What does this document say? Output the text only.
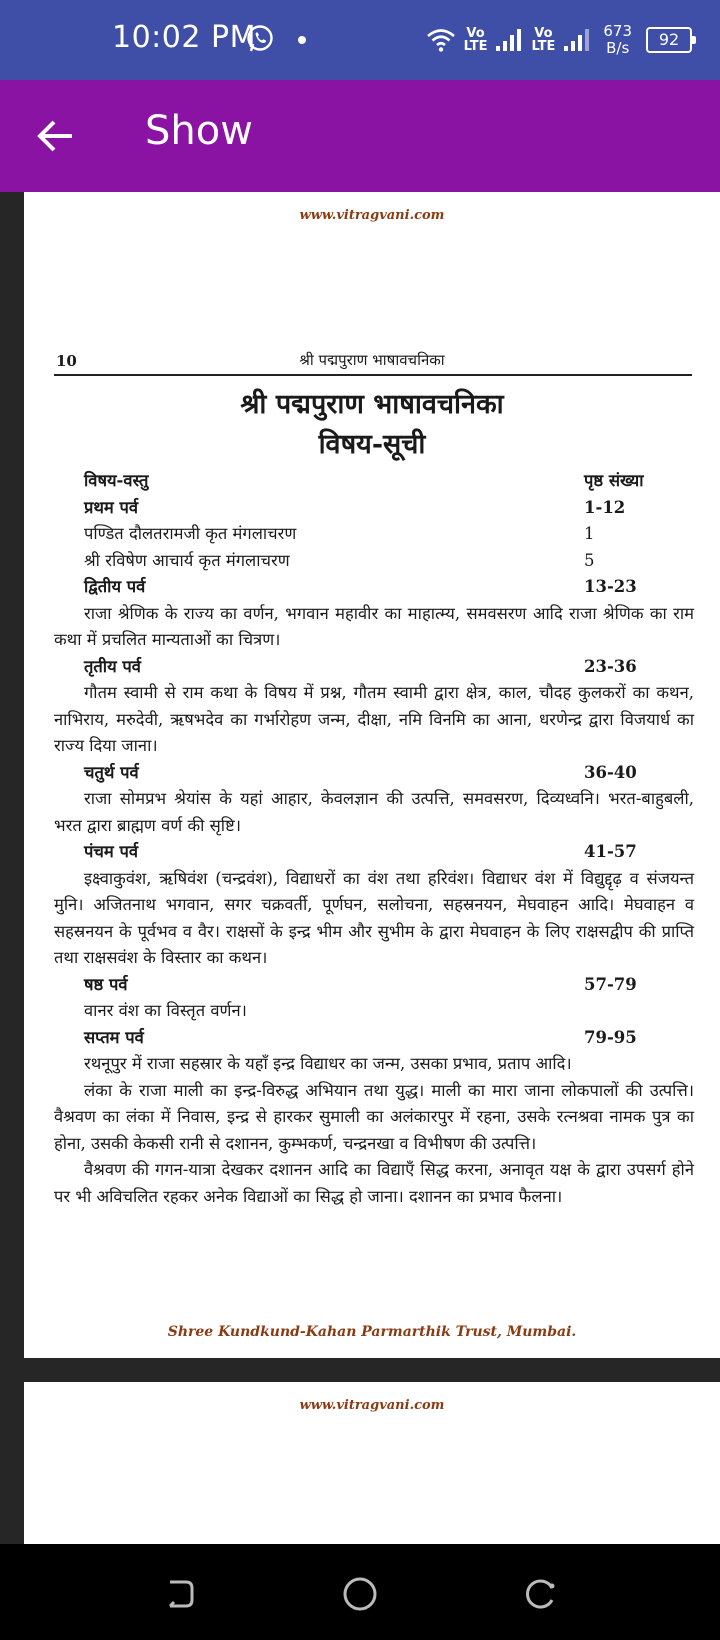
10:02 PM	Vo
LTE
Vo
LTE
673
B/s	92
Show
www.vitragvani.com
10	श्री पद्मपुराण भाषावचनिका
श्री पद्मपुराण भाषावचनिका
विषय-सूची
विषय-वस्तु	पृष्ठ संख्या
प्रथम पर्व	1-12
पण्डित दौलतरामजी कृत मंगलाचरण	1
श्री रविषेण आचार्य कृत मंगलाचरण	5
द्वितीय पर्व	13-23

राजा श्रेणिक के राज्य का वर्णन, भगवान महावीर का माहात्म्य, समवसरण आदि राजा श्रेणिक का राम कथा में प्रचलित मान्यताओं का चित्रण।

तृतीय पर्व	23-36

गौतम स्वामी से राम कथा के विषय में प्रश्न, गौतम स्वामी द्वारा क्षेत्र, काल, चौदह कुलकरों का कथन, नाभिराय, मरुदेवी, ऋषभदेव का गर्भारोहण जन्म, दीक्षा, नमि विनमि का आना, धरणेन्द्र द्वारा विजयार्ध का राज्य दिया जाना।

चतुर्थ पर्व	36-40

राजा सोमप्रभ श्रेयांस के यहां आहार, केवलज्ञान की उत्पत्ति, समवसरण, दिव्यध्वनि। भरत-बाहुबली, भरत द्वारा ब्राह्मण वर्ण की सृष्टि।

पंचम पर्व	41-57

इक्ष्वाकुवंश, ऋषिवंश (चन्द्रवंश), विद्याधरों का वंश तथा हरिवंश। विद्याधर वंश में विद्युद्दृढ़ व संजयन्त मुनि। अजितनाथ भगवान, सगर चक्रवर्ती, पूर्णघन, सलोचना, सहस्रनयन, मेघवाहन आदि। मेघवाहन व सहस्रनयन के पूर्वभव व वैर। राक्षसों के इन्द्र भीम और सुभीम के द्वारा मेघवाहन के लिए राक्षसद्वीप की प्राप्ति तथा राक्षसवंश के विस्तार का कथन।

षष्ठ पर्व	57-79

वानर वंश का विस्तृत वर्णन।

सप्तम पर्व	79-95

रथनूपुर में राजा सहस्रार के यहाँ इन्द्र विद्याधर का जन्म, उसका प्रभाव, प्रताप आदि।

लंका के राजा माली का इन्द्र-विरुद्ध अभियान तथा युद्ध। माली का मारा जाना लोकपालों की उत्पत्ति। वैश्रवण का लंका में निवास, इन्द्र से हारकर सुमाली का अलंकारपुर में रहना, उसके रत्नश्रवा नामक पुत्र का होना, उसकी केकसी रानी से दशानन, कुम्भकर्ण, चन्द्रनखा व विभीषण की उत्पत्ति।

वैश्रवण की गगन-यात्रा देखकर दशानन आदि का विद्याएँ सिद्ध करना, अनावृत यक्ष के द्वारा उपसर्ग होने पर भी अविचलित रहकर अनेक विद्याओं का सिद्ध हो जाना। दशानन का प्रभाव फैलना।

Shree Kundkund-Kahan Parmarthik Trust, Mumbai.
www.vitragvani.com
